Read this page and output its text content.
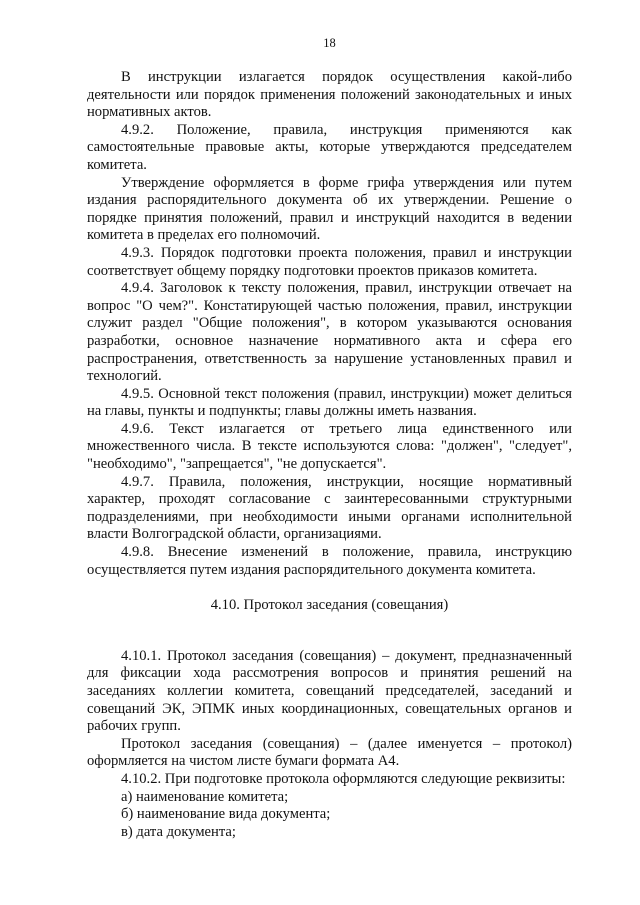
18

В инструкции излагается порядок осуществления какой-либо деятельности или порядок применения положений законодательных и иных нормативных актов.

4.9.2. Положение, правила, инструкция применяются как самостоятельные правовые акты, которые утверждаются председателем комитета.

Утверждение оформляется в форме грифа утверждения или путем издания распорядительного документа об их утверждении. Решение о порядке принятия положений, правил и инструкций находится в ведении комитета в пределах его полномочий.

4.9.3. Порядок подготовки проекта положения, правил и инструкции соответствует общему порядку подготовки проектов приказов комитета.

4.9.4. Заголовок к тексту положения, правил, инструкции отвечает на вопрос "О чем?". Констатирующей частью положения, правил, инструкции служит раздел "Общие положения", в котором указываются основания разработки, основное назначение нормативного акта и сфера его распространения, ответственность за нарушение установленных правил и технологий.

4.9.5. Основной текст положения (правил, инструкции) может делиться на главы, пункты и подпункты; главы должны иметь названия.

4.9.6. Текст излагается от третьего лица единственного или множественного числа. В тексте используются слова: "должен", "следует", "необходимо", "запрещается", "не допускается".

4.9.7. Правила, положения, инструкции, носящие нормативный характер, проходят согласование с заинтересованными структурными подразделениями, при необходимости иными органами исполнительной власти Волгоградской области, организациями.

4.9.8. Внесение изменений в положение, правила, инструкцию осуществляется путем издания распорядительного документа комитета.

4.10. Протокол заседания (совещания)

4.10.1. Протокол заседания (совещания) – документ, предназначенный для фиксации хода рассмотрения вопросов и принятия решений на заседаниях коллегии комитета, совещаний председателей, заседаний и совещаний ЭК, ЭПМК иных координационных, совещательных органов и рабочих групп.

Протокол заседания (совещания) – (далее именуется – протокол) оформляется на чистом листе бумаги формата А4.

4.10.2. При подготовке протокола оформляются следующие реквизиты:

а) наименование комитета;

б) наименование вида документа;

в) дата документа;
